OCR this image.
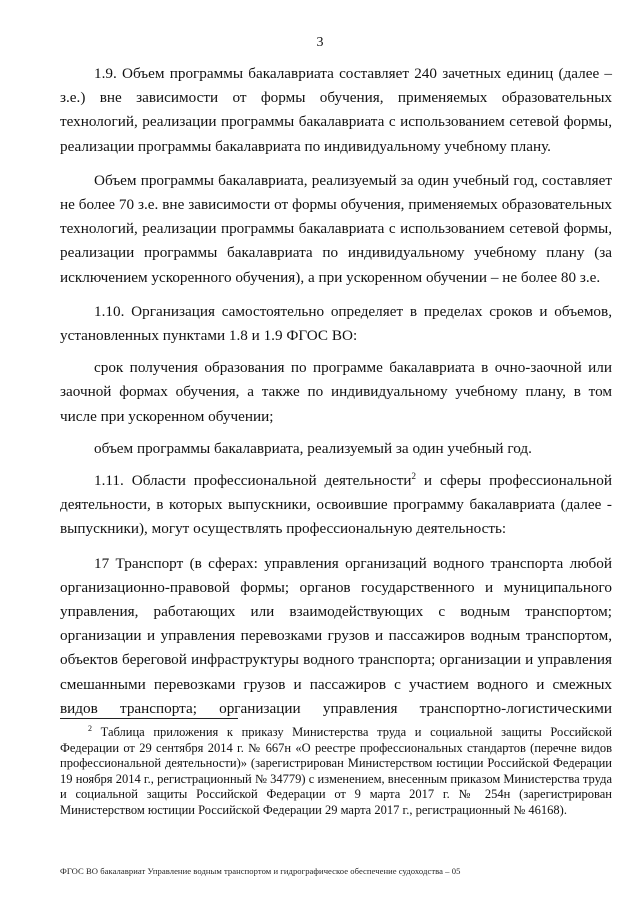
3

1.9. Объем программы бакалавриата составляет 240 зачетных единиц (далее – з.е.) вне зависимости от формы обучения, применяемых образовательных технологий, реализации программы бакалавриата с использованием сетевой формы, реализации программы бакалавриата по индивидуальному учебному плану.

Объем программы бакалавриата, реализуемый за один учебный год, составляет не более 70 з.е. вне зависимости от формы обучения, применяемых образовательных технологий, реализации программы бакалавриата с использованием сетевой формы, реализации программы бакалавриата по индивидуальному учебному плану (за исключением ускоренного обучения), а при ускоренном обучении – не более 80 з.е.

1.10. Организация самостоятельно определяет в пределах сроков и объемов, установленных пунктами 1.8 и 1.9 ФГОС ВО:

срок получения образования по программе бакалавриата в очно-заочной или заочной формах обучения, а также по индивидуальному учебному плану, в том числе при ускоренном обучении;

объем программы бакалавриата, реализуемый за один учебный год.

1.11. Области профессиональной деятельности$^2$ и сферы профессиональной деятельности, в которых выпускники, освоившие программу бакалавриата (далее - выпускники), могут осуществлять профессиональную деятельность:

17 Транспорт (в сферах: управления организаций водного транспорта любой организационно-правовой формы; органов государственного и муниципального управления, работающих или взаимодействующих с водным транспортом; организации и управления перевозками грузов и пассажиров водным транспортом, объектов береговой инфраструктуры водного транспорта; организации и управления смешанными перевозками грузов и пассажиров с участием водного и смежных видов транспорта; организации управления транспортно-логистическими

$^2$ Таблица приложения к приказу Министерства труда и социальной защиты Российской Федерации от 29 сентября 2014 г. № 667н «О реестре профессиональных стандартов (перечне видов профессиональной деятельности)» (зарегистрирован Министерством юстиции Российской Федерации 19 ноября 2014 г., регистрационный № 34779) с изменением, внесенным приказом Министерства труда и социальной защиты Российской Федерации от 9 марта 2017 г. № 254н (зарегистрирован Министерством юстиции Российской Федерации 29 марта 2017 г., регистрационный № 46168).
ФГОС ВО бакалавриат Управление водным транспортом и гидрографическое обеспечение судоходства – 05
